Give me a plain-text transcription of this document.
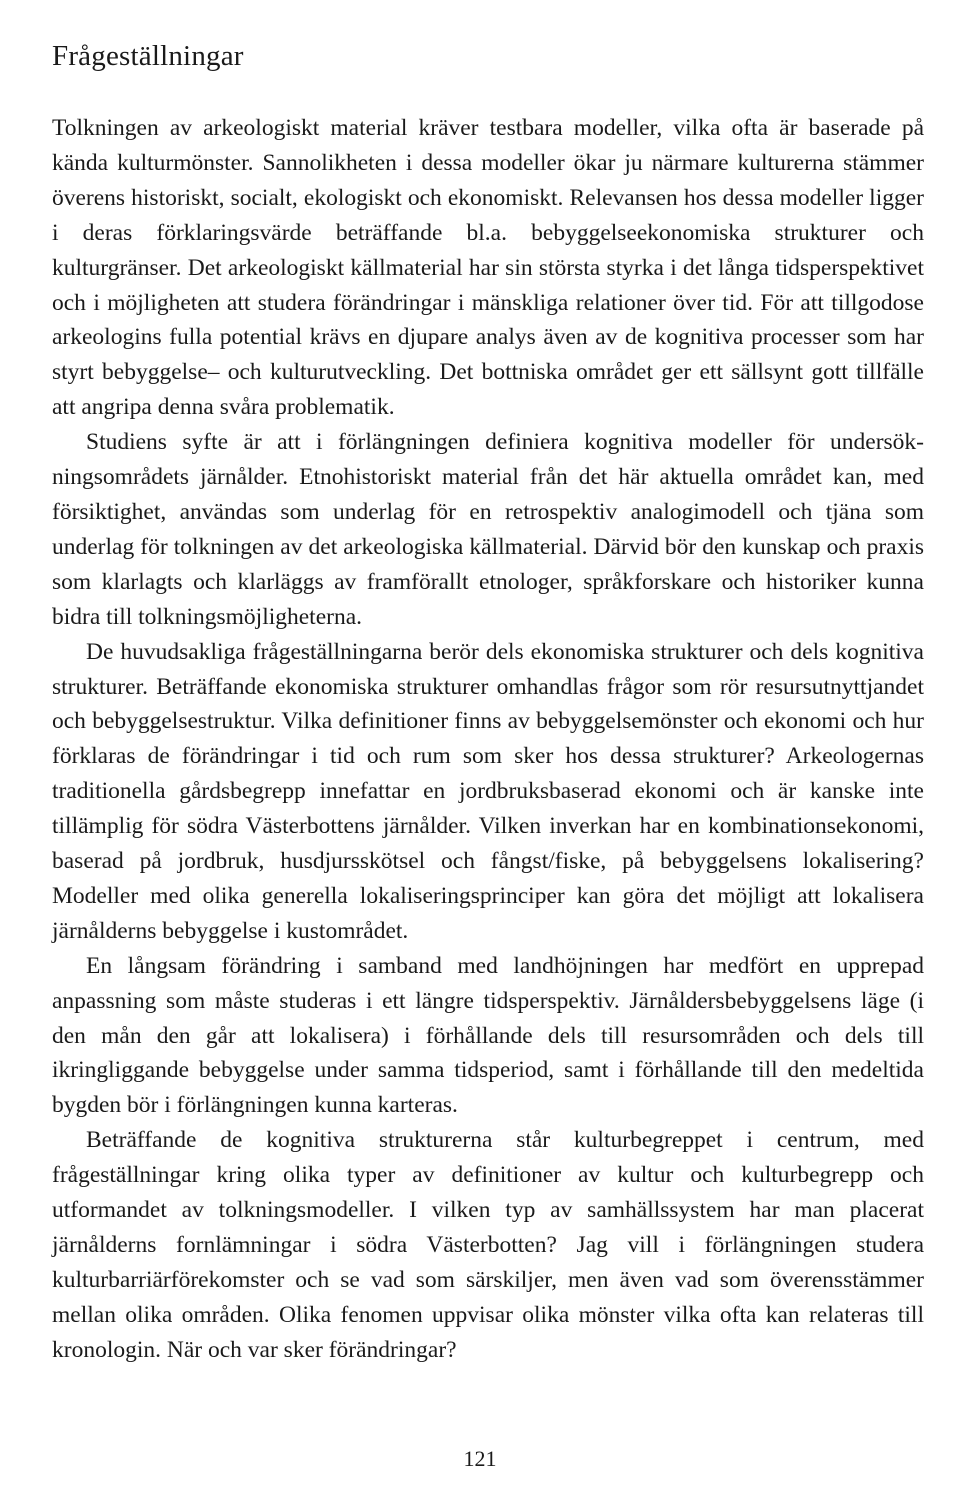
Frågeställningar

Tolkningen av arkeologiskt material kräver testbara modeller, vilka ofta är baserade på kända kulturmönster. Sannolikheten i dessa modeller ökar ju närmare kulturerna stämmer överens historiskt, socialt, ekologiskt och ekonomiskt. Relevansen hos dessa modeller ligger i deras förklaringsvärde beträffande bl.a. bebyggelseekonomiska strukturer och kulturgränser. Det arkeologiskt källmaterial har sin största styrka i det långa tidsperspektivet och i möjligheten att studera förändringar i mänskliga relationer över tid. För att tillgodose arkeologins fulla potential krävs en djupare analys även av de kognitiva processer som har styrt bebyggelse– och kulturutveckling. Det bottniska området ger ett sällsynt gott tillfälle att angripa denna svåra problematik.

Studiens syfte är att i förlängningen definiera kognitiva modeller för undersökningsområdets järnålder. Etnohistoriskt material från det här aktuella området kan, med försiktighet, användas som underlag för en retrospektiv analogimodell och tjäna som underlag för tolkningen av det arkeologiska källmaterial. Därvid bör den kunskap och praxis som klarlagts och klarläggs av framförallt etnologer, språkforskare och historiker kunna bidra till tolkningsmöjligheterna.

De huvudsakliga frågeställningarna berör dels ekonomiska strukturer och dels kognitiva strukturer. Beträffande ekonomiska strukturer omhandlas frågor som rör resursutnyttjandet och bebyggelsestruktur. Vilka definitioner finns av bebyggelsemönster och ekonomi och hur förklaras de förändringar i tid och rum som sker hos dessa strukturer? Arkeologernas traditionella gårdsbegrepp innefattar en jordbruksbaserad ekonomi och är kanske inte tillämplig för södra Västerbottens järnålder. Vilken inverkan har en kombinationsekonomi, baserad på jordbruk, husdjursskötsel och fångst/fiske, på bebyggelsens lokalisering? Modeller med olika generella lokaliseringsprinciper kan göra det möjligt att lokalisera järnålderns bebyggelse i kustområdet.

En långsam förändring i samband med landhöjningen har medfört en upprepad anpassning som måste studeras i ett längre tidsperspektiv. Järnåldersbebyggelsens läge (i den mån den går att lokalisera) i förhållande dels till resursområden och dels till ikringliggande bebyggelse under samma tidsperiod, samt i förhållande till den medeltida bygden bör i förlängningen kunna karteras.

Beträffande de kognitiva strukturerna står kulturbegreppet i centrum, med frågeställningar kring olika typer av definitioner av kultur och kulturbegrepp och utformandet av tolkningsmodeller. I vilken typ av samhällssystem har man placerat järnålderns fornlämningar i södra Västerbotten? Jag vill i förlängningen studera kulturbarriärförekomster och se vad som särskiljer, men även vad som överensstämmer mellan olika områden. Olika fenomen uppvisar olika mönster vilka ofta kan relateras till kronologin. När och var sker förändringar?

121
